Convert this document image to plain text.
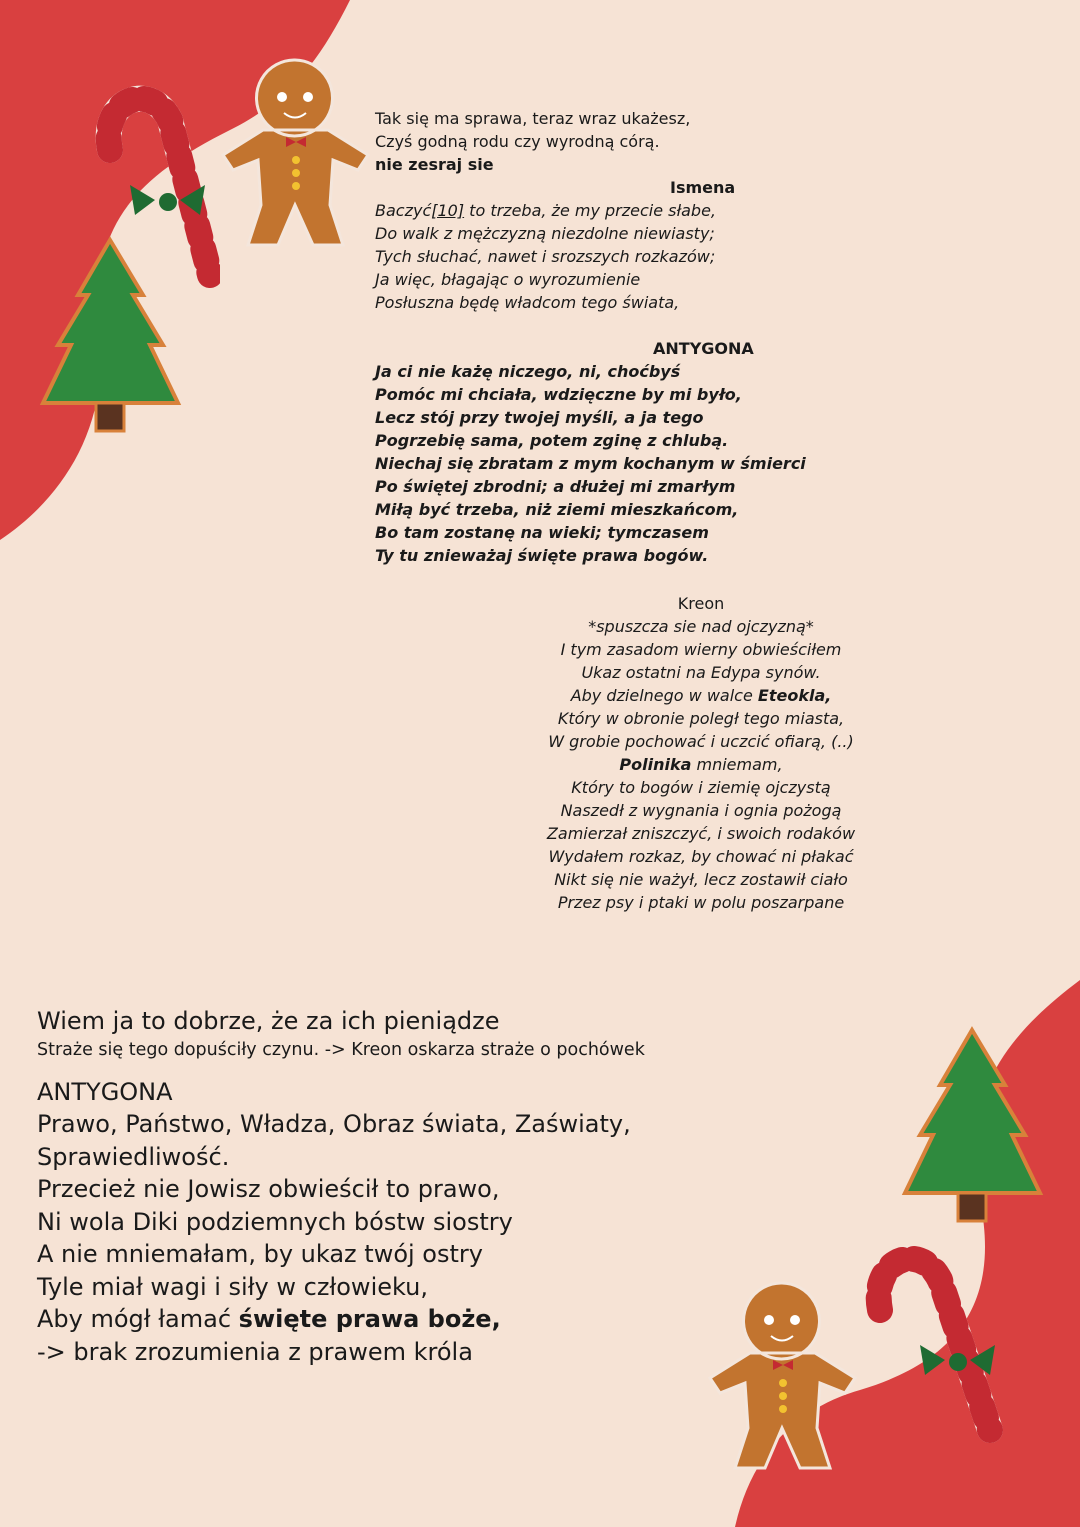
Tak się ma sprawa, teraz wraz ukażesz,
Czyś godną rodu czy wyrodną córą.
nie zesraj sie
Ismena
Baczyć[10] to trzeba, że my przecie słabe,
Do walk z mężczyzną niezdolne niewiasty;
Tych słuchać, nawet i srozszych rozkazów;
Ja więc, błagając o wyrozumienie
Posłuszna będę władcom tego świata,

ANTYGONA
Ja ci nie każę niczego, ni, choćbyś
Pomóc mi chciała, wdzięczne by mi było,
Lecz stój przy twojej myśli, a ja tego
Pogrzebię sama, potem zginę z chlubą.
Niechaj się zbratam z mym kochanym w śmierci
Po świętej zbrodni; a dłużej mi zmarłym
Miłą być trzeba, niż ziemi mieszkańcom,
Bo tam zostanę na wieki; tymczasem
Ty tu znieważaj święte prawa bogów.
Kreon
*spuszcza sie nad ojczyzną*
I tym zasadom wierny obwieściłem
Ukaz ostatni na Edypa synów.
Aby dzielnego w walce Eteokla,
Który w obronie poległ tego miasta,
W grobie pochować i uczcić ofiarą, (..)
Polinika mniemam,
Który to bogów i ziemię ojczystą
Naszedł z wygnania i ognia pożogą
Zamierzał zniszczyć, i swoich rodaków
Wydałem rozkaz, by chować ni płakać
Nikt się nie ważył, lecz zostawił ciało
Przez psy i ptaki w polu poszarpane
Wiem ja to dobrze, że za ich pieniądze
Straże się tego dopuściły czynu. -> Kreon oskarza straże o pochówek
ANTYGONA
Prawo, Państwo, Władza, Obraz świata, Zaświaty,
Sprawiedliwość.
Przecież nie Jowisz obwieścił to prawo,
Ni wola Diki podziemnych bóstw siostry
A nie mniemałam, by ukaz twój ostry
Tyle miał wagi i siły w człowieku,
Aby mógł łamać święte prawa boże,
-> brak zrozumienia z prawem króla
